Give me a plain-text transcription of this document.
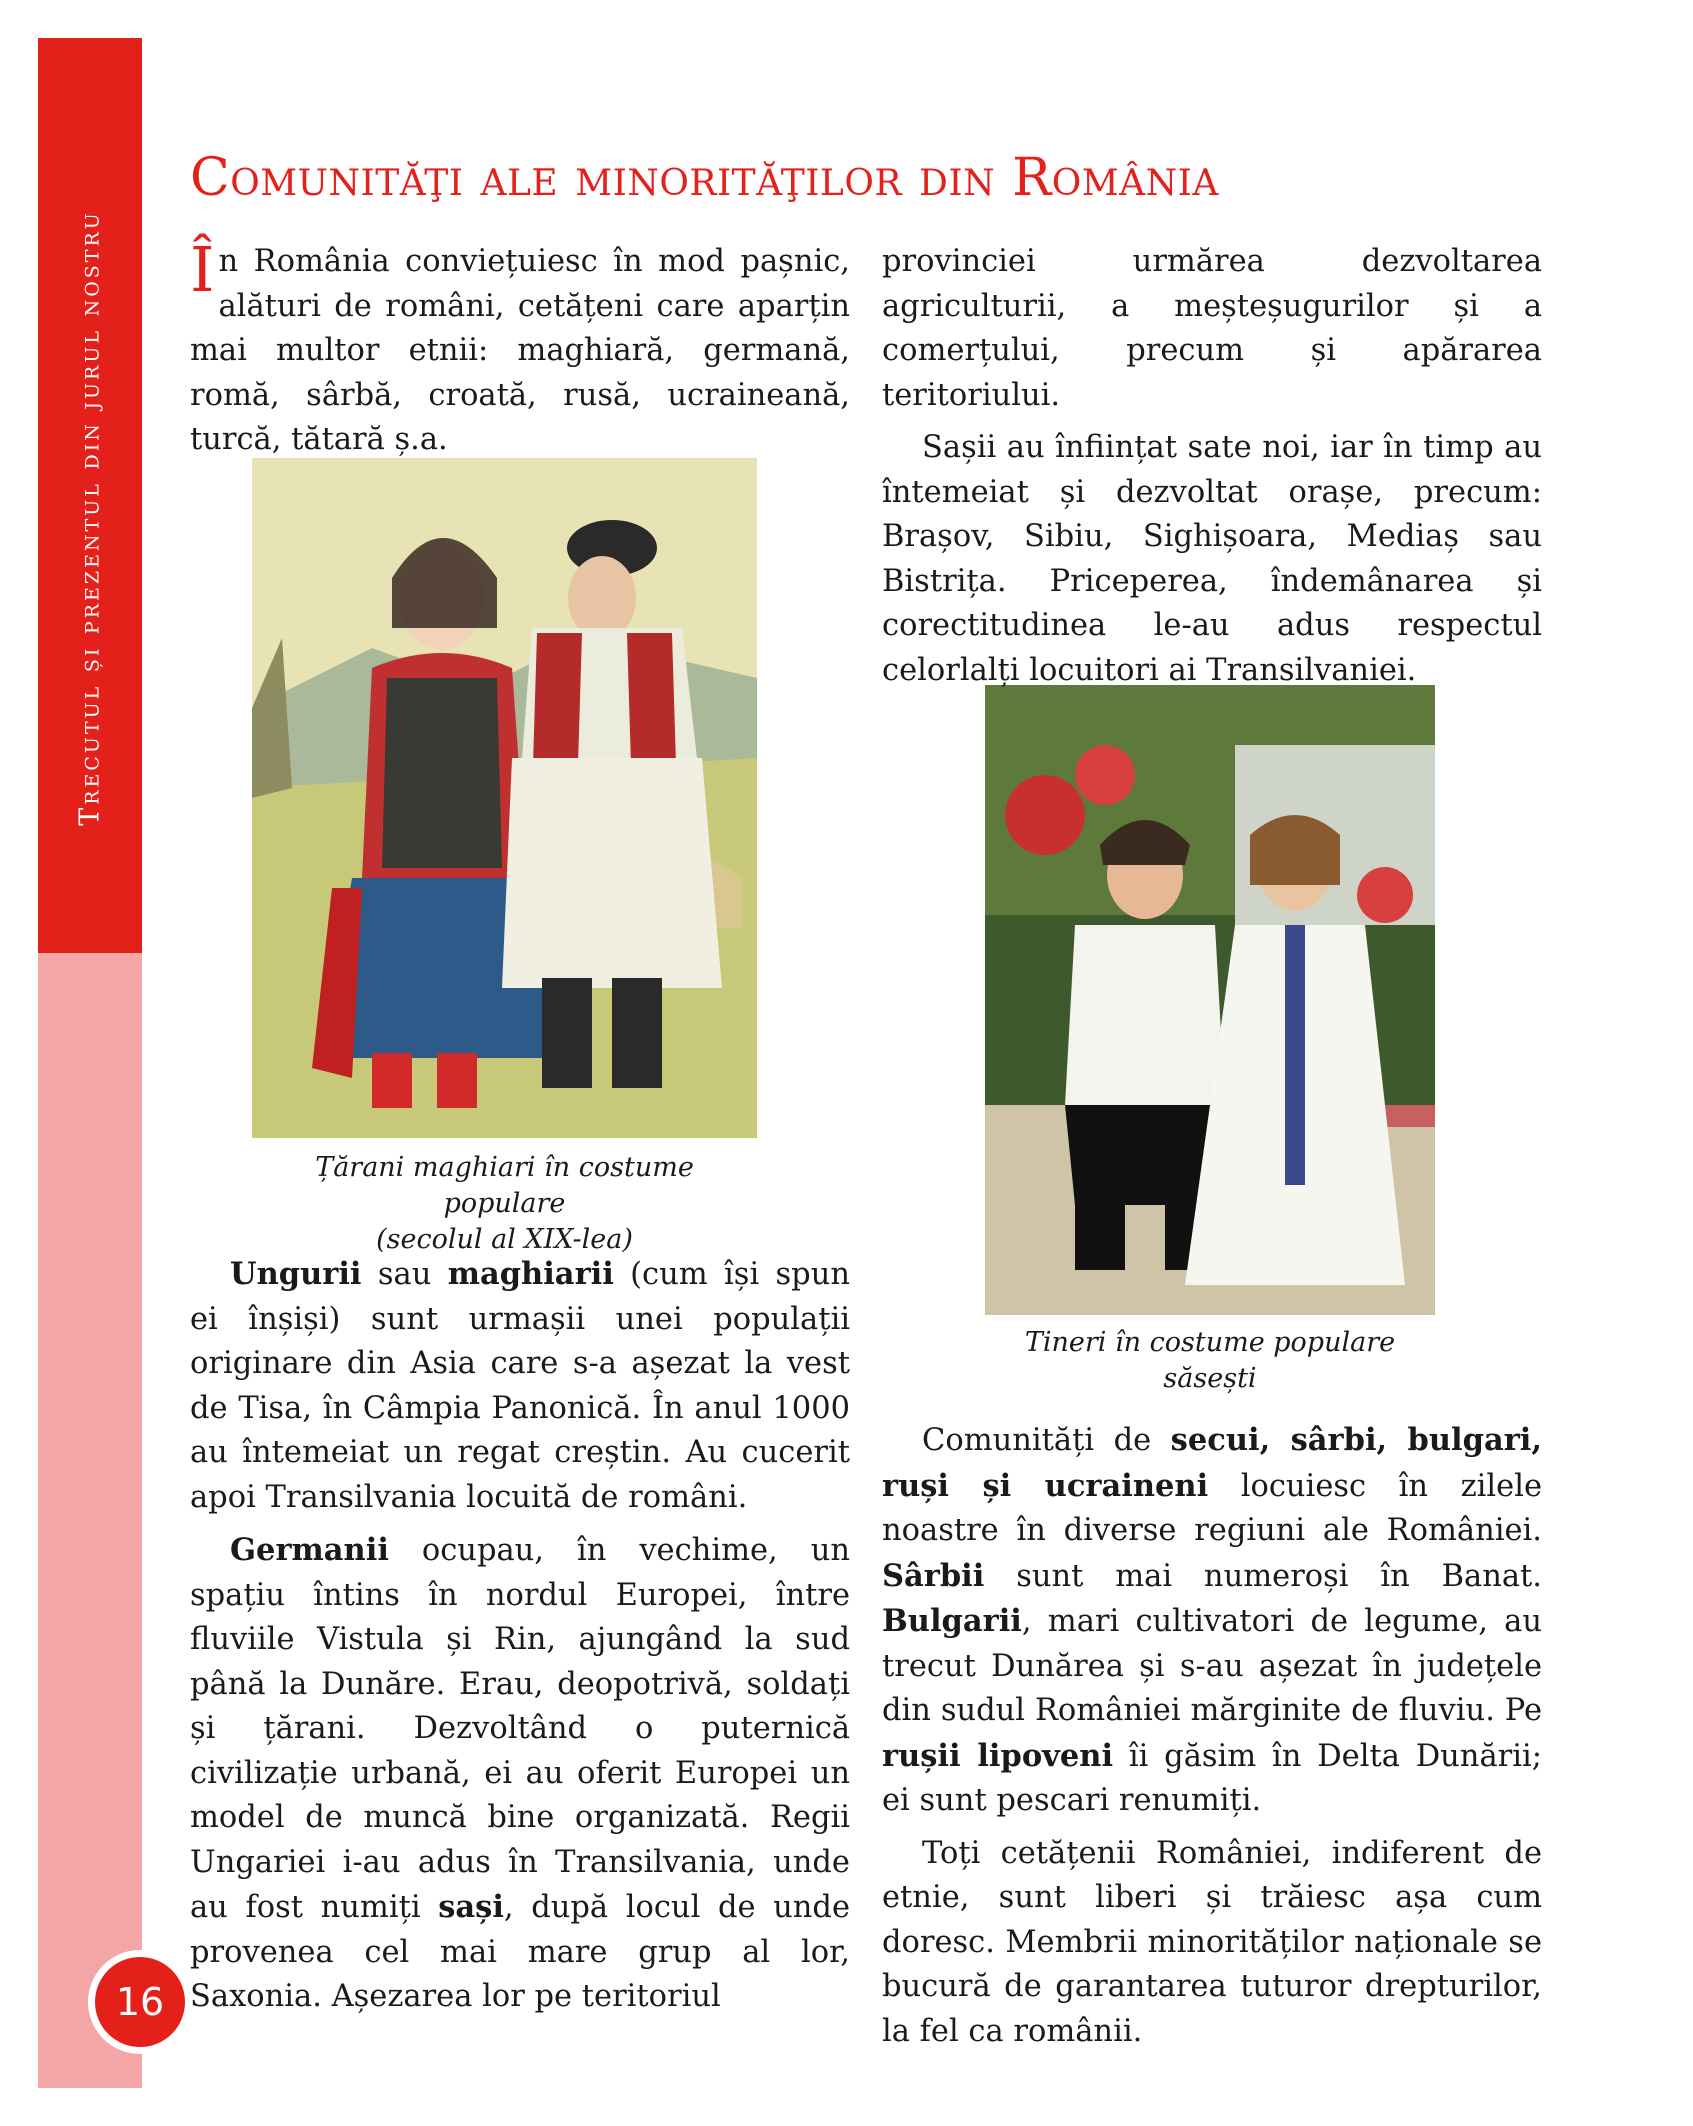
Trecutul și prezentul din jurul nostru
16
Comunităţi ale minorităţilor din România
Țărani maghiari în costume populare
(secolul al XIX-lea)
Tineri în costume populare săsești

În România conviețuiesc în mod pașnic, alături de români, cetățeni care aparțin mai multor etnii: maghiară, germană, romă, sârbă, croată, rusă, ucraineană, turcă, tătară ș.a.

Ungurii sau maghiarii (cum își spun ei înșiși) sunt urmașii unei populații originare din Asia care s-a așezat la vest de Tisa, în Câmpia Panonică. În anul 1000 au întemeiat un regat creștin. Au cucerit apoi Transilvania locuită de români.

Germanii ocupau, în vechime, un spațiu întins în nordul Europei, între fluviile Vistula și Rin, ajungând la sud până la Dunăre. Erau, deopotrivă, soldați și țărani. Dezvoltând o puternică civilizație urbană, ei au oferit Europei un model de muncă bine organizată. Regii Ungariei i-au adus în Transilvania, unde au fost numiți sași, după locul de unde provenea cel mai mare grup al lor, Saxonia. Așezarea lor pe teritoriul

provinciei urmărea dezvoltarea agriculturii, a meșteșugurilor și a comerțului, precum și apărarea teritoriului.

Sașii au înființat sate noi, iar în timp au întemeiat și dezvoltat orașe, precum: Brașov, Sibiu, Sighișoara, Mediaș sau Bistrița. Priceperea, îndemânarea și corectitudinea le-au adus respectul celorlalți locuitori ai Transilvaniei.

Comunități de secui, sârbi, bulgari, ruși și ucraineni locuiesc în zilele noastre în diverse regiuni ale României. Sârbii sunt mai numeroși în Banat. Bulgarii, mari cultivatori de legume, au trecut Dunărea și s-au așezat în județele din sudul României mărginite de fluviu. Pe rușii lipoveni îi găsim în Delta Dunării; ei sunt pescari renumiți.

Toți cetățenii României, indiferent de etnie, sunt liberi și trăiesc așa cum doresc. Membrii minorităților naționale se bucură de garantarea tuturor drepturilor, la fel ca românii.
